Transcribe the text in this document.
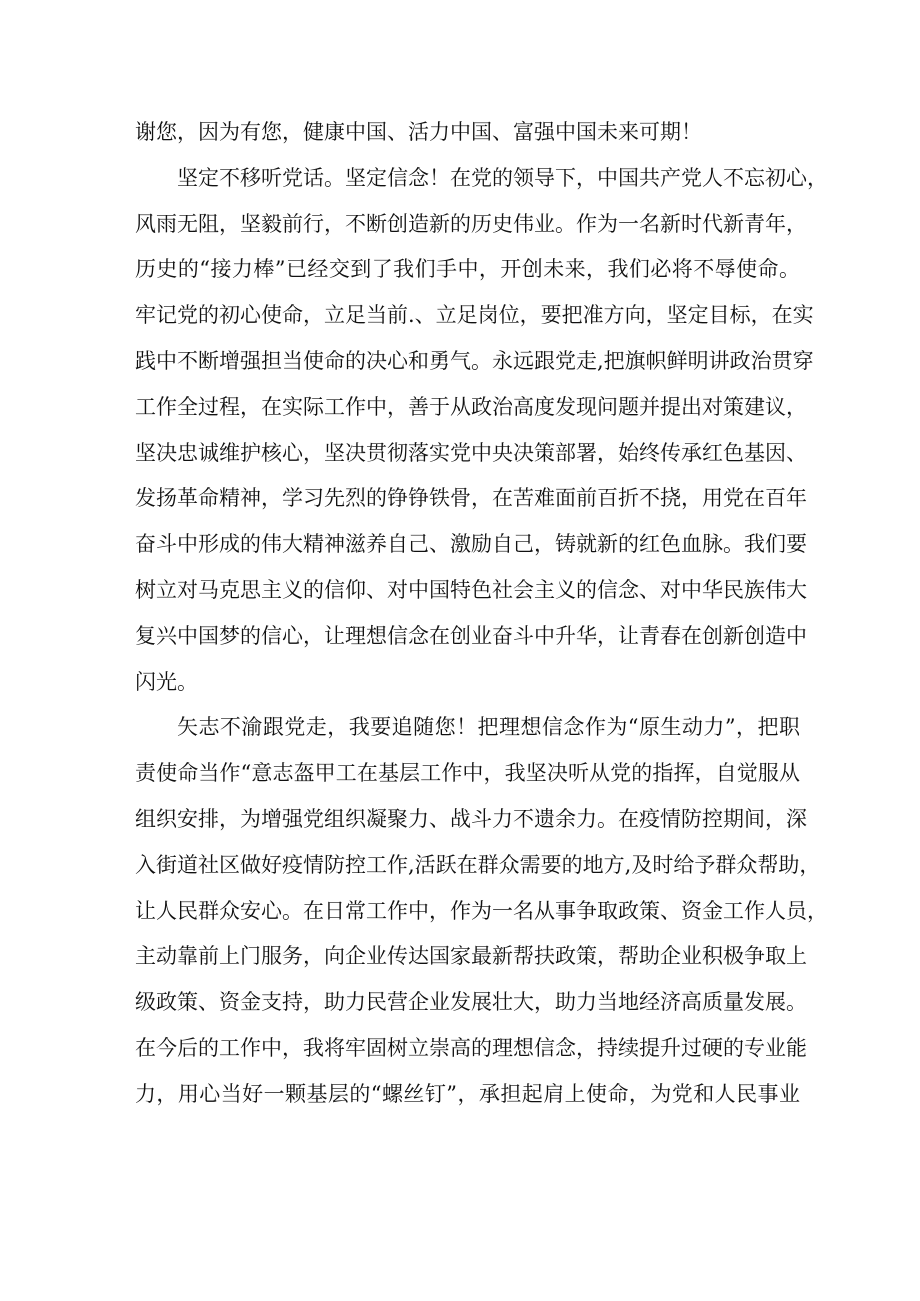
谢您，因为有您，健康中国、活力中国、富强中国未来可期！
坚定不移听党话。坚定信念！在党的领导下，中国共产党人不忘初心，
风雨无阻，坚毅前行，不断创造新的历史伟业。作为一名新时代新青年，
历史的“接力棒”已经交到了我们手中，开创未来，我们必将不辱使命。
牢记党的初心使命，立足当前.、立足岗位，要把准方向，坚定目标，在实
践中不断增强担当使命的决心和勇气。永远跟党走,把旗帜鲜明讲政治贯穿
工作全过程，在实际工作中，善于从政治高度发现问题并提出对策建议，
坚决忠诚维护核心，坚决贯彻落实党中央决策部署，始终传承红色基因、
发扬革命精神，学习先烈的铮铮铁骨，在苦难面前百折不挠，用党在百年
奋斗中形成的伟大精神滋养自己、激励自己，铸就新的红色血脉。我们要
树立对马克思主义的信仰、对中国特色社会主义的信念、对中华民族伟大
复兴中国梦的信心，让理想信念在创业奋斗中升华，让青春在创新创造中
闪光。
矢志不渝跟党走，我要追随您！把理想信念作为“原生动力”，把职
责使命当作“意志盔甲工在基层工作中，我坚决听从党的指挥，自觉服从
组织安排，为增强党组织凝聚力、战斗力不遗余力。在疫情防控期间，深
入街道社区做好疫情防控工作,活跃在群众需要的地方,及时给予群众帮助，
让人民群众安心。在日常工作中，作为一名从事争取政策、资金工作人员，
主动靠前上门服务，向企业传达国家最新帮扶政策，帮助企业积极争取上
级政策、资金支持，助力民营企业发展壮大，助力当地经济高质量发展。
在今后的工作中，我将牢固树立崇高的理想信念，持续提升过硬的专业能
力，用心当好一颗基层的“螺丝钉”，承担起肩上使命，为党和人民事业
